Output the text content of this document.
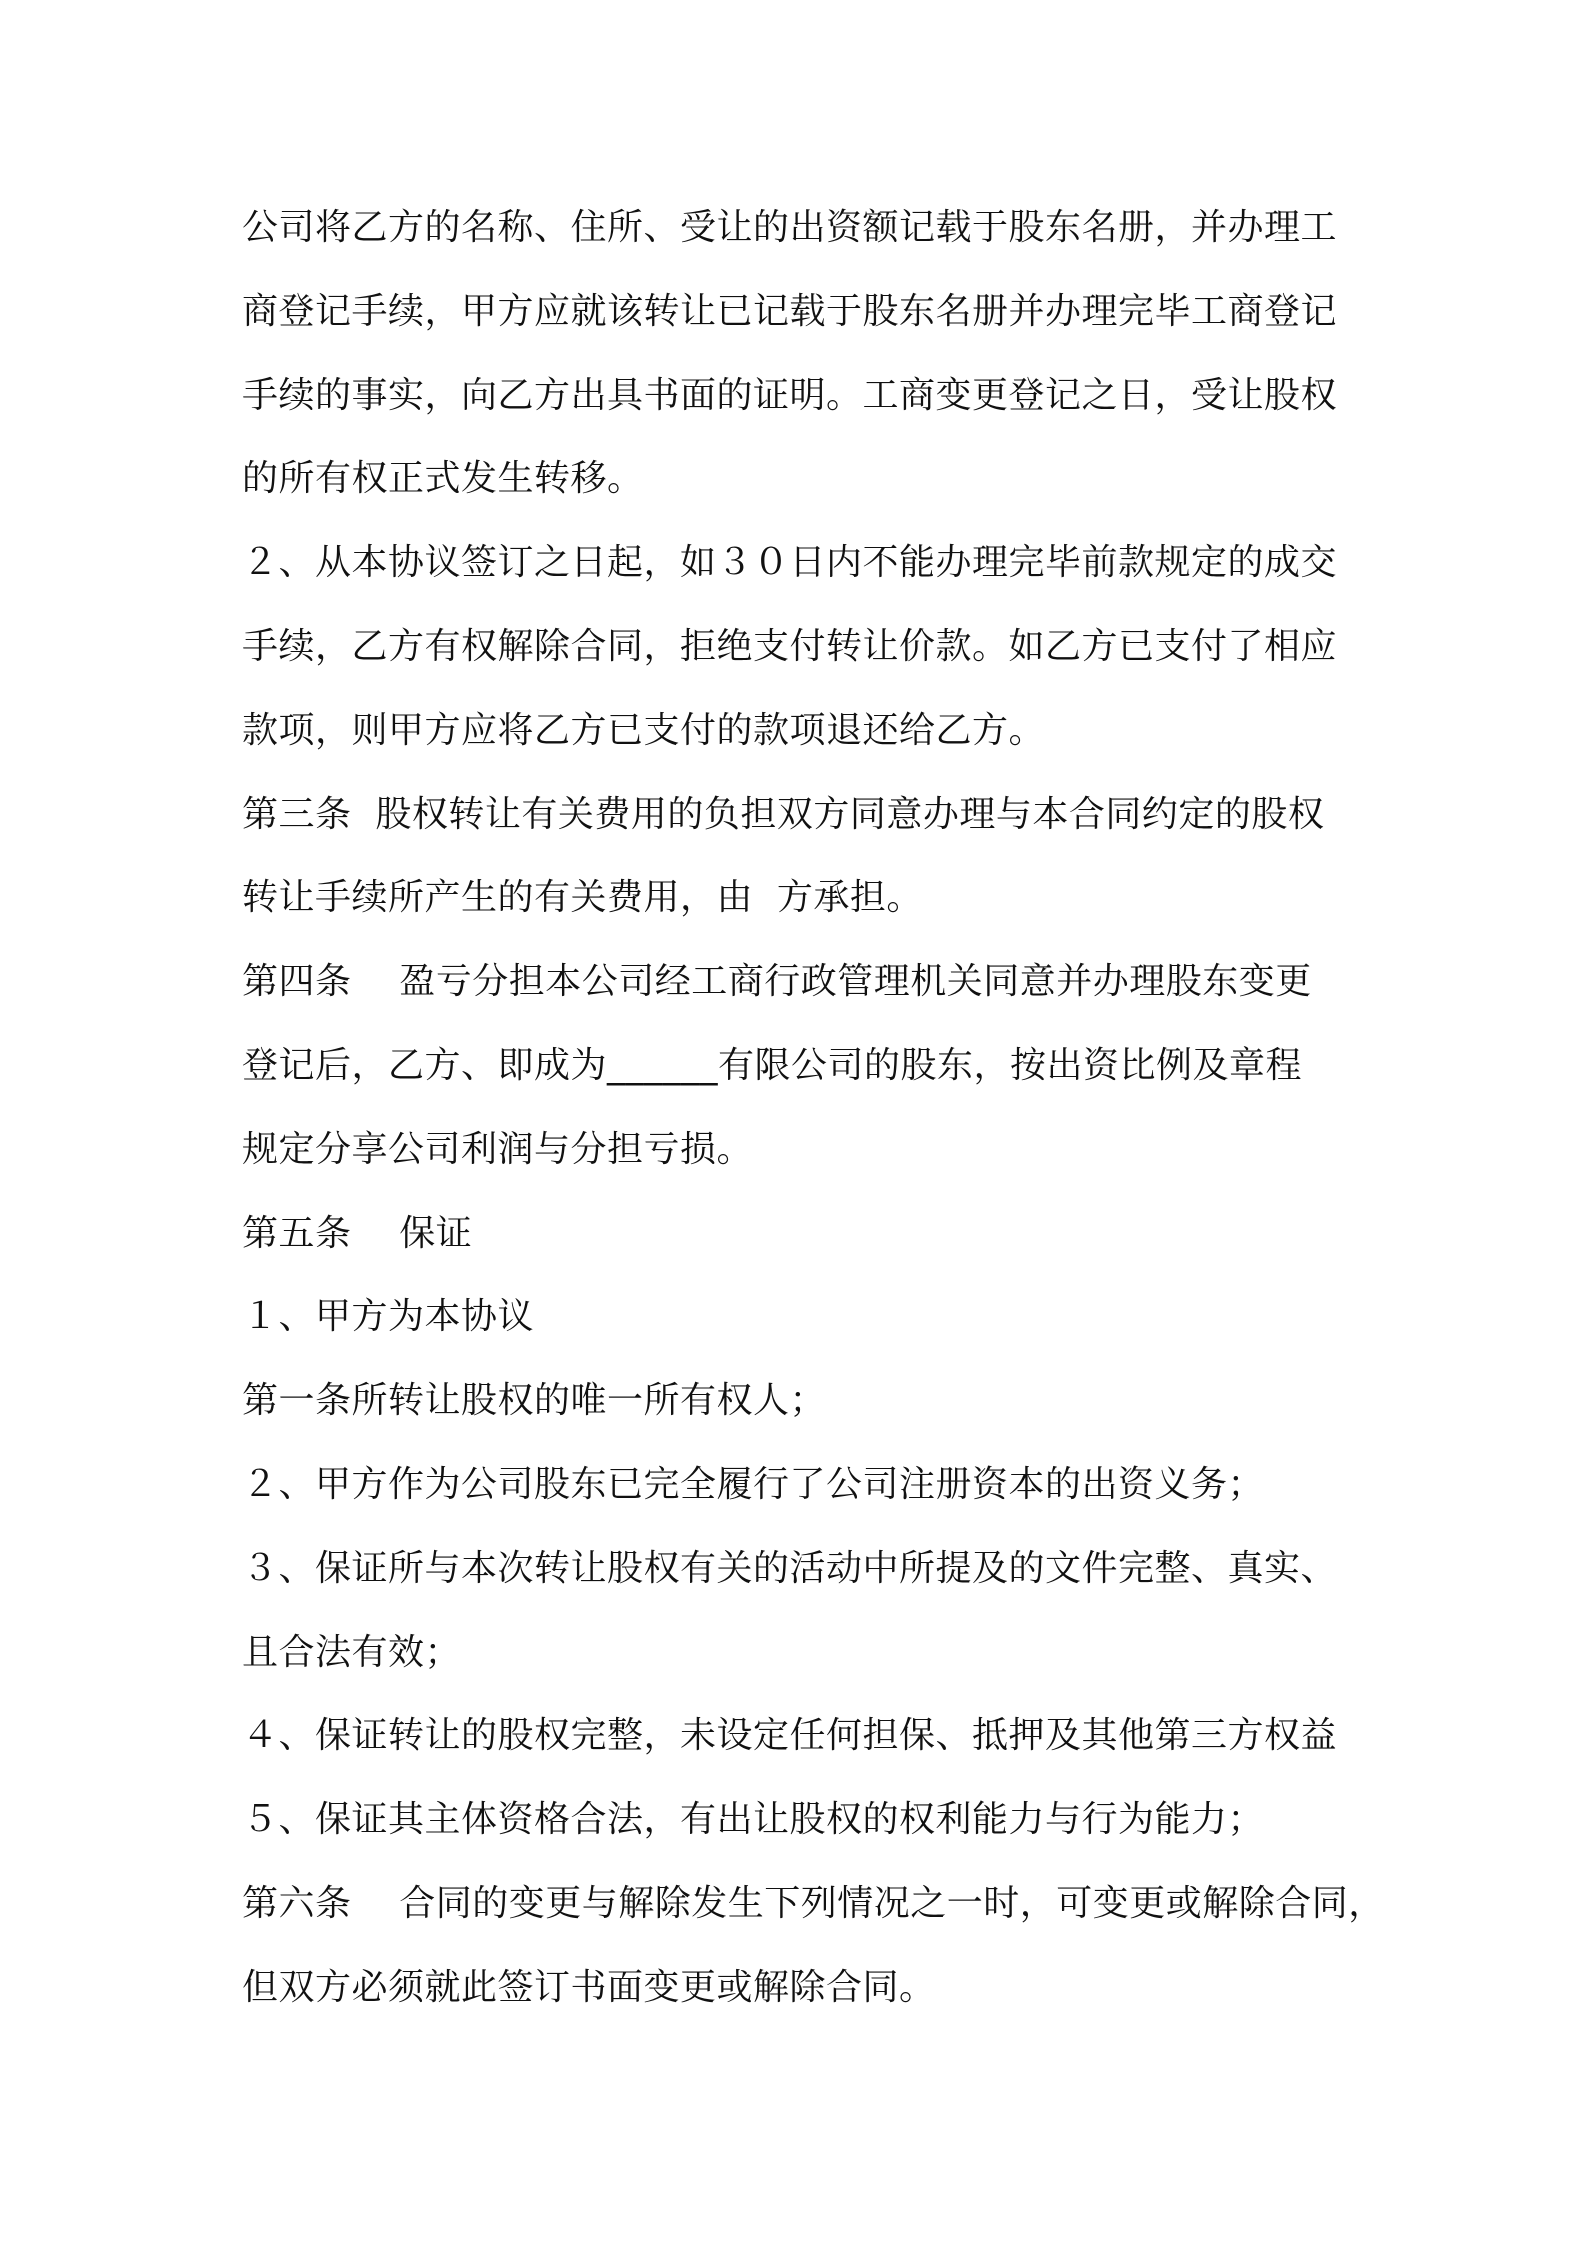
公司将乙方的名称、住所、受让的出资额记载于股东名册，并办理工
商登记手续，甲方应就该转让已记载于股东名册并办理完毕工商登记
手续的事实，向乙方出具书面的证明。工商变更登记之日，受让股权
的所有权正式发生转移。
２、从本协议签订之日起，如３０日内不能办理完毕前款规定的成交
手续，乙方有权解除合同，拒绝支付转让价款。如乙方已支付了相应
款项，则甲方应将乙方已支付的款项退还给乙方。
第三条  股权转让有关费用的负担双方同意办理与本合同约定的股权
转让手续所产生的有关费用，由  方承担。
第四条    盈亏分担本公司经工商行政管理机关同意并办理股东变更
登记后，乙方、即成为______有限公司的股东，按出资比例及章程
规定分享公司利润与分担亏损。
第五条    保证
１、甲方为本协议
第一条所转让股权的唯一所有权人；
２、甲方作为公司股东已完全履行了公司注册资本的出资义务；
３、保证所与本次转让股权有关的活动中所提及的文件完整、真实、
且合法有效；
４、保证转让的股权完整，未设定任何担保、抵押及其他第三方权益
５、保证其主体资格合法，有出让股权的权利能力与行为能力；
第六条    合同的变更与解除发生下列情况之一时，可变更或解除合同，
但双方必须就此签订书面变更或解除合同。
